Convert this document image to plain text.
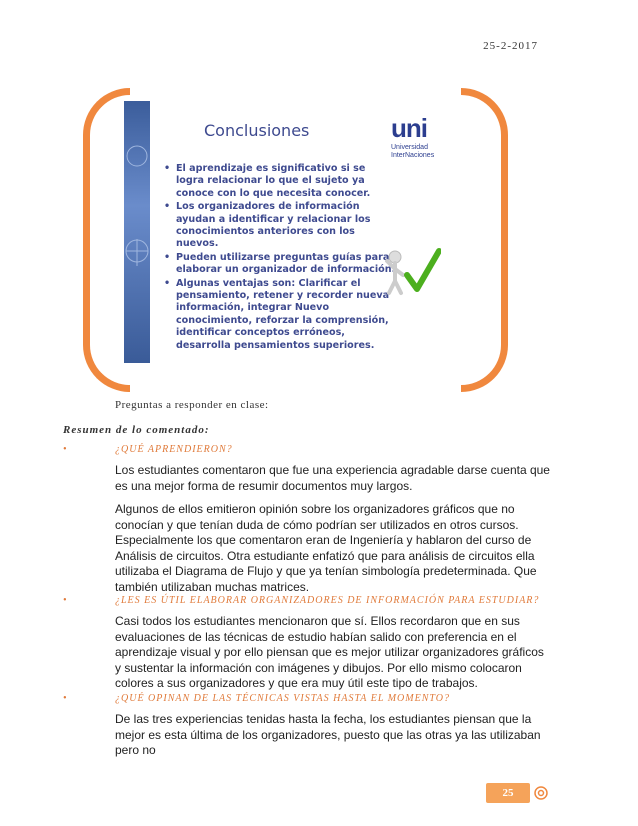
25-2-2017
Conclusiones	uni
Universidad
InterNaciones
• El aprendizaje es significativo si se logra relacionar lo que el sujeto ya conoce con lo que necesita conocer.
• Los organizadores de información ayudan a identificar y relacionar los conocimientos anteriores con los nuevos.
• Pueden utilizarse preguntas guías para elaborar un organizador de información.
• Algunas ventajas son: Clarificar el pensamiento, retener y recorder nueva información, integrar Nuevo conocimiento, reforzar la comprensión, identificar conceptos erróneos, desarrolla pensamientos superiores.
Preguntas a responder en clase:
Resumen de lo comentado:
•	¿QUÉ APRENDIERON?
Los estudiantes comentaron que fue una experiencia agradable darse cuenta que es una mejor forma de resumir documentos muy largos.
Algunos de ellos emitieron opinión sobre los organizadores gráficos que no conocían y que tenían duda de cómo podrían ser utilizados en otros cursos. Especialmente los que comentaron eran de Ingeniería y hablaron del curso de Análisis de circuitos. Otra estudiante enfatizó que para análisis de circuitos ella utilizaba el Diagrama de Flujo y que ya tenían simbología predeterminada. Que también utilizaban muchas matrices.
•	¿LES ES ÚTIL ELABORAR ORGANIZADORES DE INFORMACIÓN PARA ESTUDIAR?
Casi todos los estudiantes mencionaron que sí. Ellos recordaron que en sus evaluaciones de las técnicas de estudio habían salido con preferencia en el aprendizaje visual y por ello piensan que es mejor utilizar organizadores gráficos y sustentar la información con imágenes y dibujos. Por ello mismo colocaron colores a sus organizadores y que era muy útil este tipo de trabajos.
•	¿QUÉ OPINAN DE LAS TÉCNICAS VISTAS HASTA EL MOMENTO?
De las tres experiencias tenidas hasta la fecha, los estudiantes piensan que la mejor es esta última de los organizadores, puesto que las otras ya las utilizaban pero no
25
